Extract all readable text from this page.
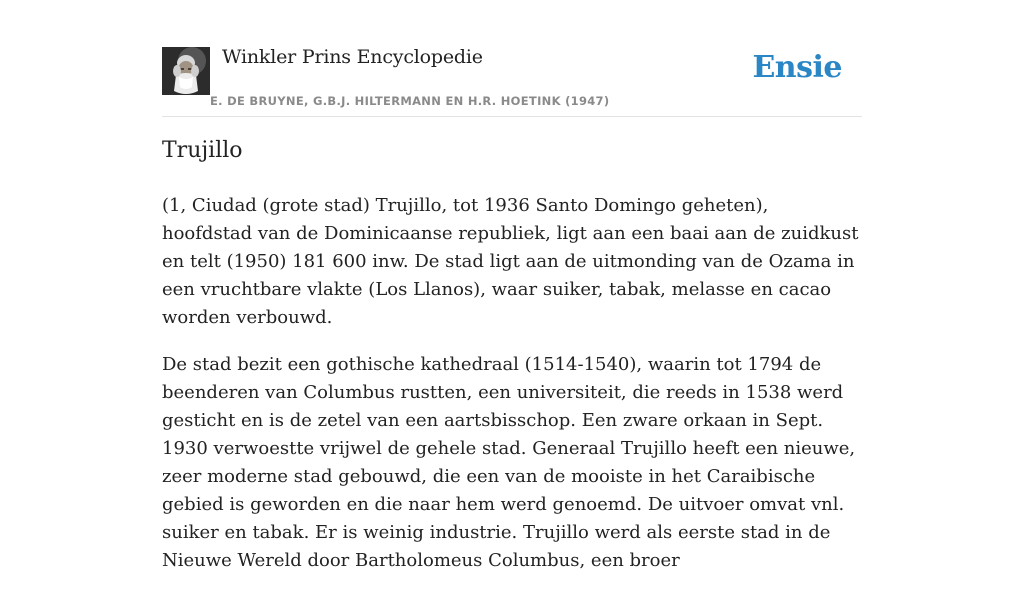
Winkler Prins Encyclopedie
E. DE BRUYNE, G.B.J. HILTERMANN EN H.R. HOETINK (1947)
Ensie
Trujillo

(1, Ciudad (grote stad) Trujillo, tot 1936 Santo Domingo geheten), hoofdstad van de Dominicaanse republiek, ligt aan een baai aan de zuidkust en telt (1950) 181 600 inw. De stad ligt aan de uitmonding van de Ozama in een vruchtbare vlakte (Los Llanos), waar suiker, tabak, melasse en cacao worden verbouwd.

De stad bezit een gothische kathedraal (1514-1540), waarin tot 1794 de beenderen van Columbus rustten, een universiteit, die reeds in 1538 werd gesticht en is de zetel van een aartsbisschop. Een zware orkaan in Sept. 1930 verwoestte vrijwel de gehele stad. Generaal Trujillo heeft een nieuwe, zeer moderne stad gebouwd, die een van de mooiste in het Caraibische gebied is geworden en die naar hem werd genoemd. De uitvoer omvat vnl. suiker en tabak. Er is weinig industrie. Trujillo werd als eerste stad in de Nieuwe Wereld door Bartholomeus Columbus, een broer
